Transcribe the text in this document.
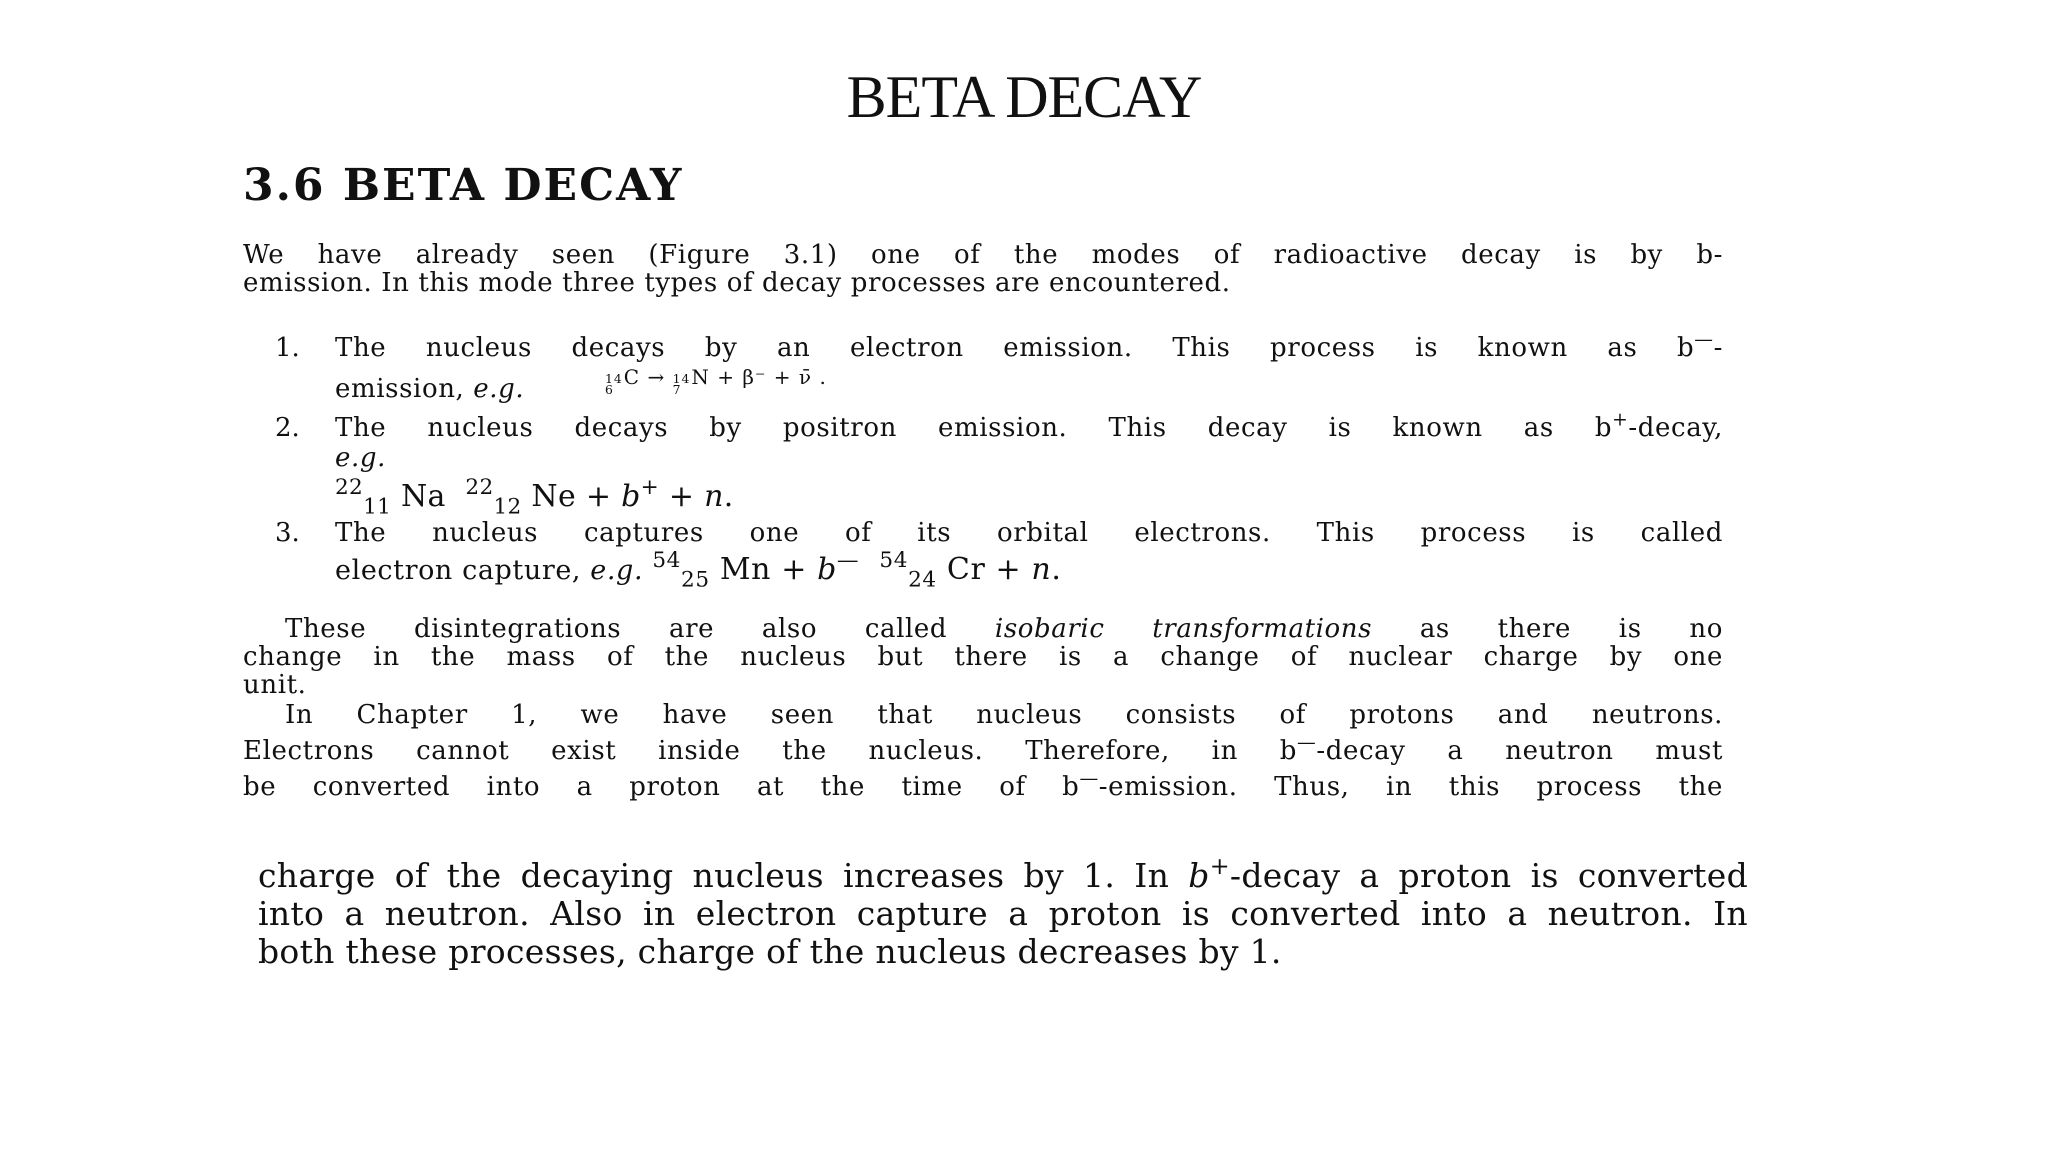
BETA DECAY
3.6 BETA DECAY
We have already seen (Figure 3.1) one of the modes of radioactive decay is by b-
emission. In this mode three types of decay processes are encountered.
1. The nucleus decays by an electron emission. This process is known as b—-
emission, e.g.	14
6
C → 14
7
N + β⁻ + ν̄ .
2. The nucleus decays by positron emission. This decay is known as b+-decay,
e.g.
$^{22}_{11}$ Na  $^{22}_{12}$ Ne + b+ + n.
3. The nucleus captures one of its orbital electrons. This process is called
electron capture, e.g. $^{54}_{25}$ Mn + b— $^{54}_{24}$ Cr + n.
These disintegrations are also called isobaric transformations as there is no
change in the mass of the nucleus but there is a change of nuclear charge by one
unit.
In Chapter 1, we have seen that nucleus consists of protons and neutrons.
Electrons cannot exist inside the nucleus. Therefore, in b—-decay a neutron must
be converted into a proton at the time of b—-emission. Thus, in this process the
charge of the decaying nucleus increases by 1. In b+-decay a proton is converted
into a neutron. Also in electron capture a proton is converted into a neutron. In
both these processes, charge of the nucleus decreases by 1.
